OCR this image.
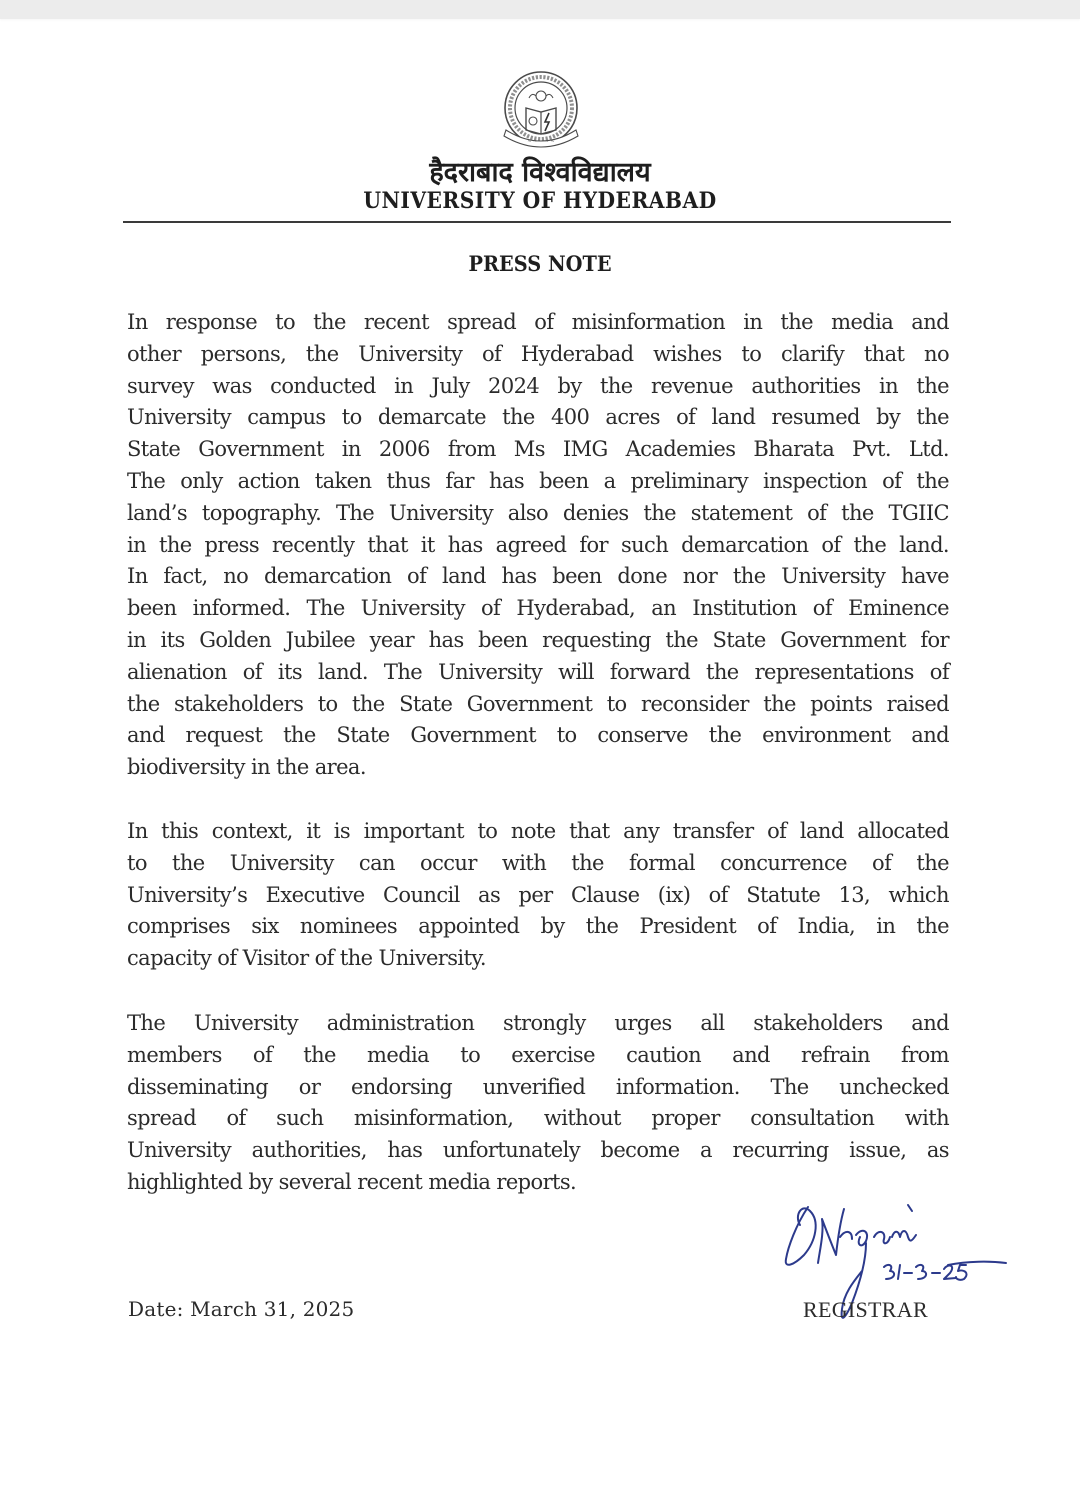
~ ~ ~ ~ ~
हैदराबाद विश्वविद्यालय
UNIVERSITY OF HYDERABAD
PRESS NOTE
In response to the recent spread of misinformation in the media and
other persons, the University of Hyderabad wishes to clarify that no
survey was conducted in July 2024 by the revenue authorities in the
University campus to demarcate the 400 acres of land resumed by the
State Government in 2006 from Ms IMG Academies Bharata Pvt. Ltd.
The only action taken thus far has been a preliminary inspection of the
land’s topography. The University also denies the statement of the TGIIC
in the press recently that it has agreed for such demarcation of the land.
In fact, no demarcation of land has been done nor the University have
been informed. The University of Hyderabad, an Institution of Eminence
in its Golden Jubilee year has been requesting the State Government for
alienation of its land. The University will forward the representations of
the stakeholders to the State Government to reconsider the points raised
and request the State Government to conserve the environment and
biodiversity in the area.
In this context, it is important to note that any transfer of land allocated
to the University can occur with the formal concurrence of the
University’s Executive Council as per Clause (ix) of Statute 13, which
comprises six nominees appointed by the President of India, in the
capacity of Visitor of the University.
The University administration strongly urges all stakeholders and
members of the media to exercise caution and refrain from
disseminating or endorsing unverified information. The unchecked
spread of such misinformation, without proper consultation with
University authorities, has unfortunately become a recurring issue, as
highlighted by several recent media reports.
Date: March 31, 2025	REGISTRAR
